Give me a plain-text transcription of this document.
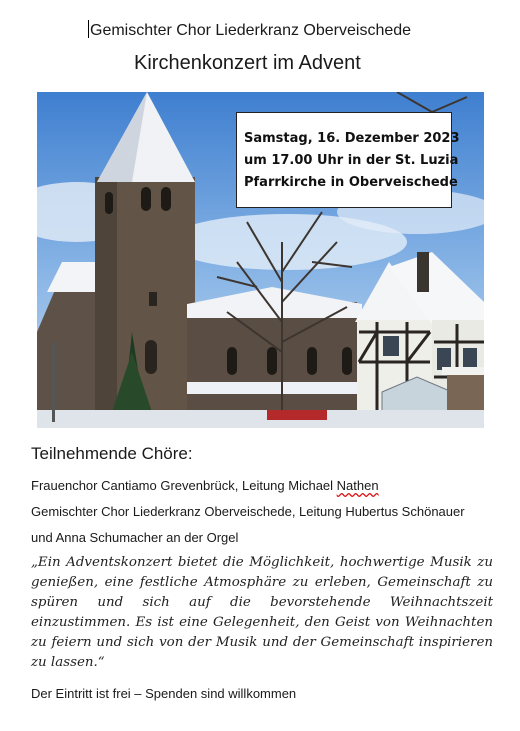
Gemischter Chor Liederkranz Oberveischede
Kirchenkonzert im Advent
Samstag, 16. Dezember 2023
um 17.00 Uhr in der St. Luzia
Pfarrkirche in Oberveischede
Teilnehmende Chöre:
Frauenchor Cantiamo Grevenbrück, Leitung Michael Nathen
Gemischter Chor Liederkranz Oberveischede, Leitung Hubertus Schönauer
und Anna Schumacher an der Orgel
„Ein Adventskonzert bietet die Möglichkeit, hochwertige Musik zu genießen, eine festliche Atmosphäre zu erleben, Gemeinschaft zu spüren und sich auf die bevorstehende Weihnachtszeit einzustimmen. Es ist eine Gelegenheit, den Geist von Weihnachten zu feiern und sich von der Musik und der Gemeinschaft inspirieren zu lassen.“
Der Eintritt ist frei – Spenden sind willkommen
